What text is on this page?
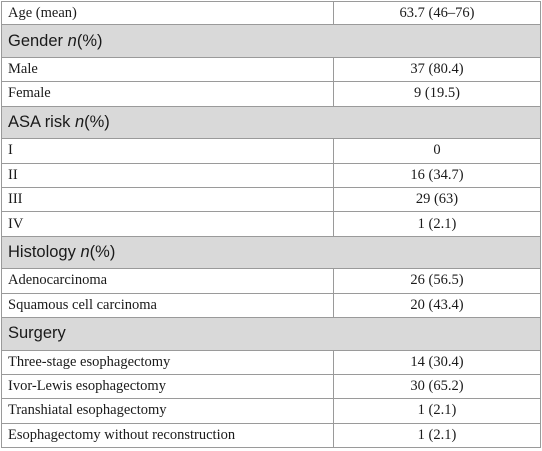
Age (mean)	63.7 (46–76)
Gender
n (%)
Male	37 (80.4)
Female	9 (19.5)
ASA risk
n (%)
I	0
II	16 (34.7)
III	29 (63)
IV	1 (2.1)
Histology
n (%)
Adenocarcinoma	26 (56.5)
Squamous cell carcinoma	20 (43.4)
Surgery
Three-stage esophagectomy	14 (30.4)
Ivor-Lewis esophagectomy	30 (65.2)
Transhiatal esophagectomy	1 (2.1)
Esophagectomy without reconstruction	1 (2.1)
